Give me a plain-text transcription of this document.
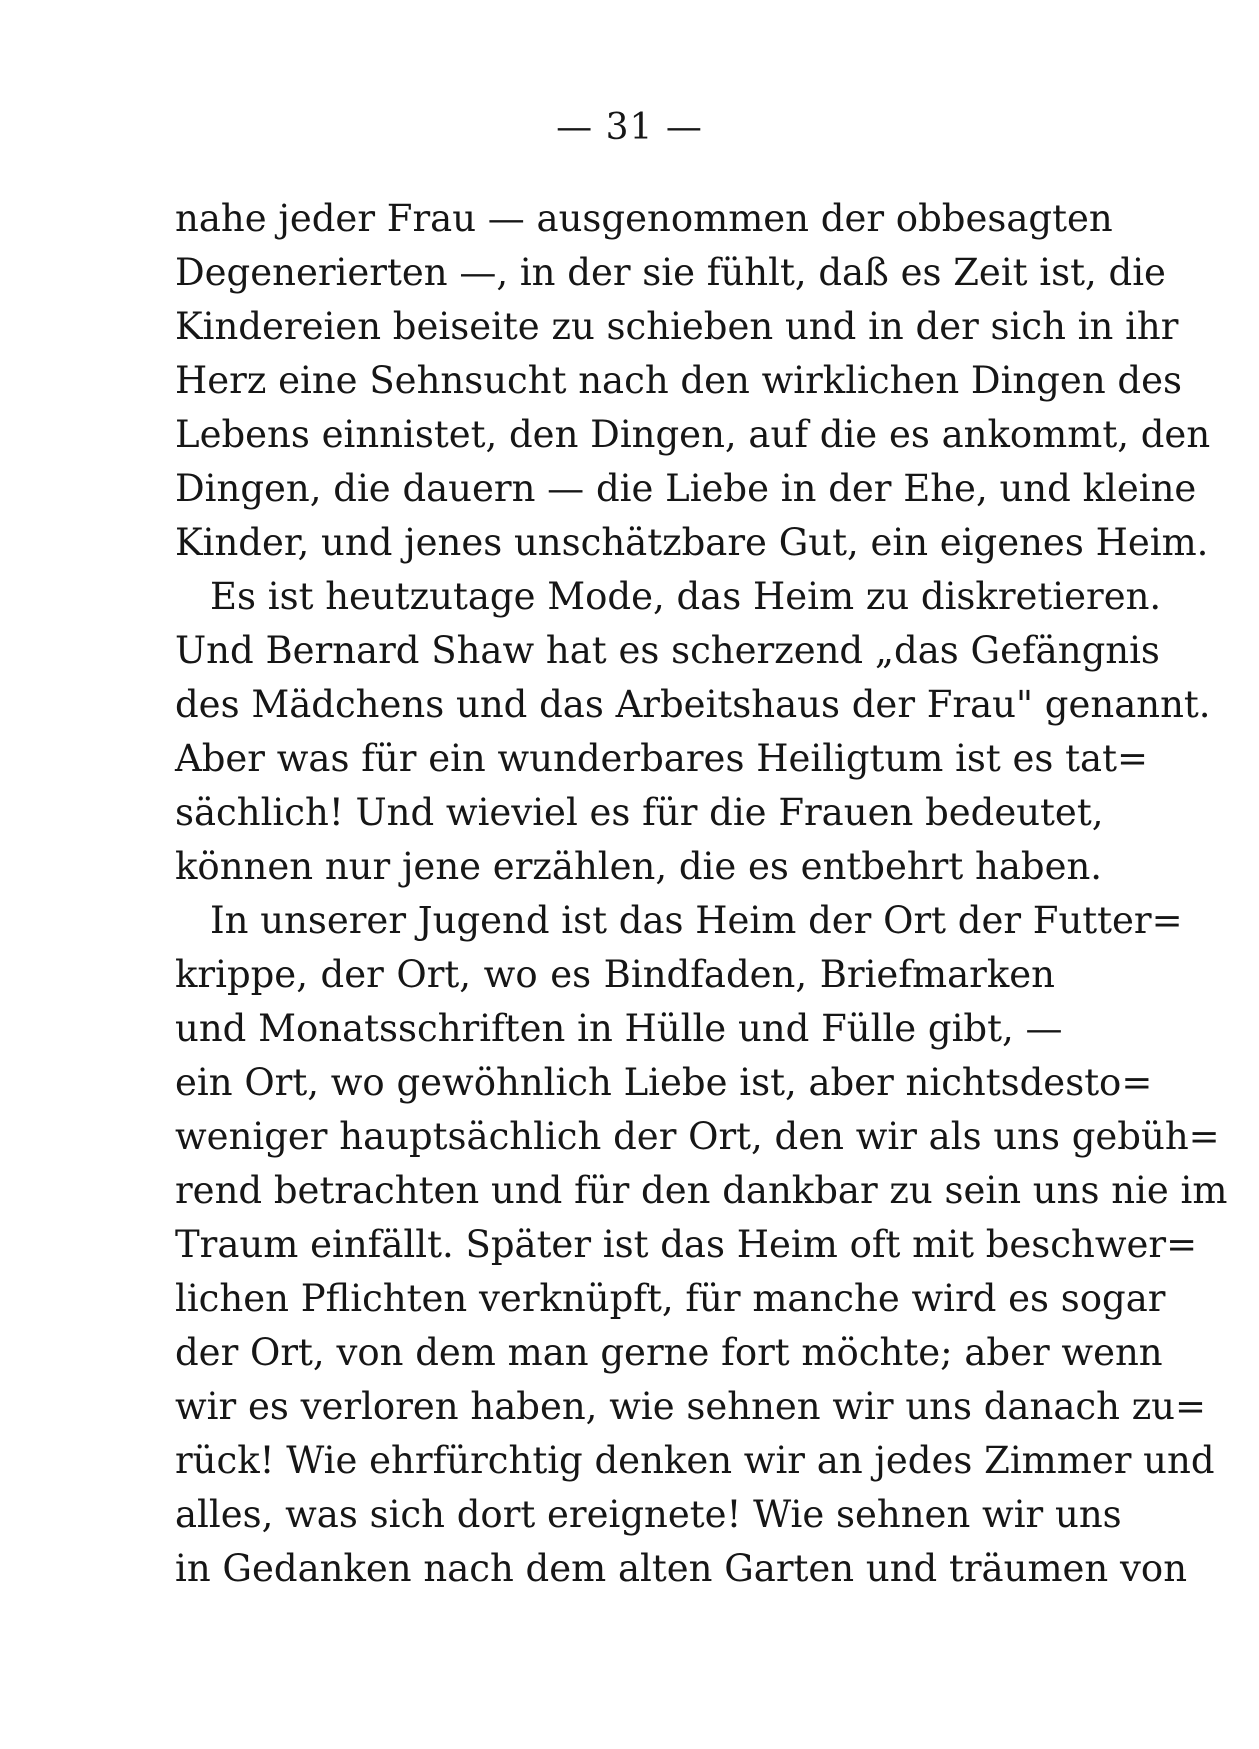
— 31 —
nahe jeder Frau — ausgenommen der obbesagten
Degenerierten —, in der sie fühlt, daß es Zeit ist, die
Kindereien beiseite zu schieben und in der sich in ihr
Herz eine Sehnsucht nach den wirklichen Dingen des
Lebens einnistet, den Dingen, auf die es ankommt, den
Dingen, die dauern — die Liebe in der Ehe, und kleine
Kinder, und jenes unschätzbare Gut, ein eigenes Heim.
Es ist heutzutage Mode, das Heim zu diskretieren.
Und Bernard Shaw hat es scherzend „das Gefängnis
des Mädchens und das Arbeitshaus der Frau" genannt.
Aber was für ein wunderbares Heiligtum ist es tat=
sächlich! Und wieviel es für die Frauen bedeutet,
können nur jene erzählen, die es entbehrt haben.
In unserer Jugend ist das Heim der Ort der Futter=
krippe, der Ort, wo es Bindfaden, Briefmarken
und Monatsschriften in Hülle und Fülle gibt, —
ein Ort, wo gewöhnlich Liebe ist, aber nichtsdesto=
weniger hauptsächlich der Ort, den wir als uns gebüh=
rend betrachten und für den dankbar zu sein uns nie im
Traum einfällt. Später ist das Heim oft mit beschwer=
lichen Pflichten verknüpft, für manche wird es sogar
der Ort, von dem man gerne fort möchte; aber wenn
wir es verloren haben, wie sehnen wir uns danach zu=
rück! Wie ehrfürchtig denken wir an jedes Zimmer und
alles, was sich dort ereignete! Wie sehnen wir uns
in Gedanken nach dem alten Garten und träumen von
